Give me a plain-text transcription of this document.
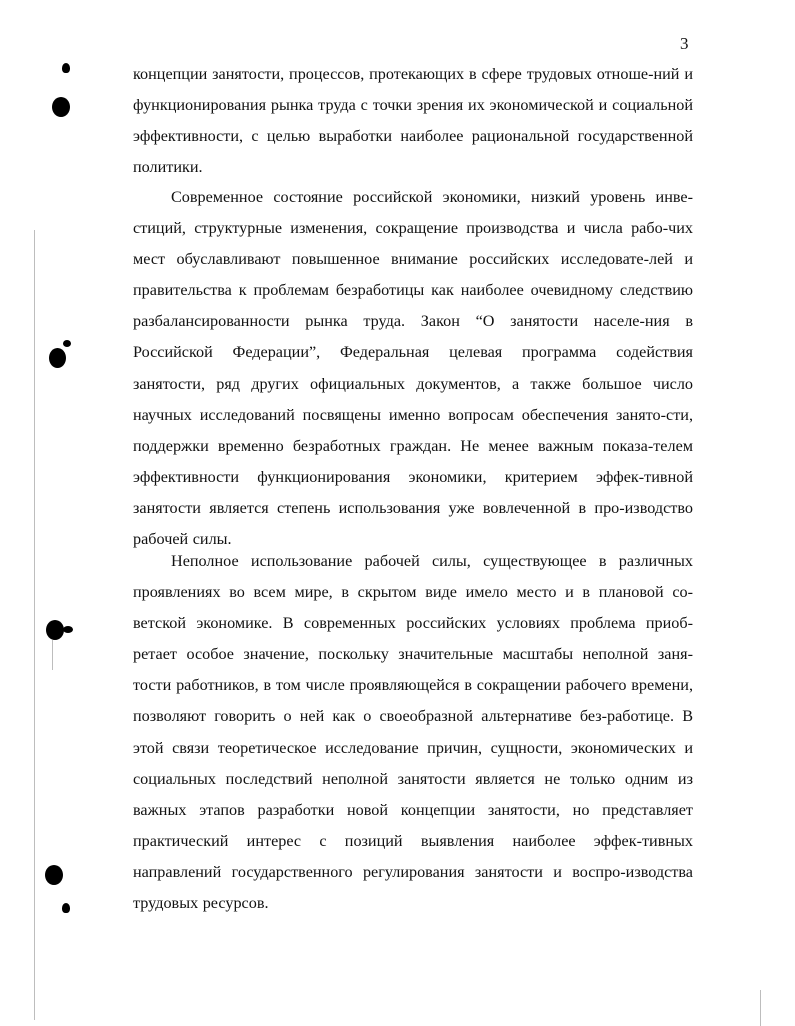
3

концепции занятости, процессов, протекающих в сфере трудовых отноше-ний и функционирования рынка труда с точки зрения их экономической и социальной эффективности, с целью выработки наиболее рациональной государственной политики.

Современное состояние российской экономики, низкий уровень инве-стиций, структурные изменения, сокращение производства и числа рабо-чих мест обуславливают повышенное внимание российских исследовате-лей и правительства к проблемам безработицы как наиболее очевидному следствию разбалансированности рынка труда. Закон “О занятости населе-ния в Российской Федерации”, Федеральная целевая программа содействия занятости, ряд других официальных документов, а также большое число научных исследований посвящены именно вопросам обеспечения занято-сти, поддержки временно безработных граждан. Не менее важным показа-телем эффективности функционирования экономики, критерием эффек-тивной занятости является степень использования уже вовлеченной в про-изводство рабочей силы.

Неполное использование рабочей силы, существующее в различных проявлениях во всем мире, в скрытом виде имело место и в плановой со-ветской экономике. В современных российских условиях проблема приоб-ретает особое значение, поскольку значительные масштабы неполной заня-тости работников, в том числе проявляющейся в сокращении рабочего времени, позволяют говорить о ней как о своеобразной альтернативе без-работице. В этой связи теоретическое исследование причин, сущности, экономических и социальных последствий неполной занятости является не только одним из важных этапов разработки новой концепции занятости, но представляет практический интерес с позиций выявления наиболее эффек-тивных направлений государственного регулирования занятости и воспро-изводства трудовых ресурсов.
